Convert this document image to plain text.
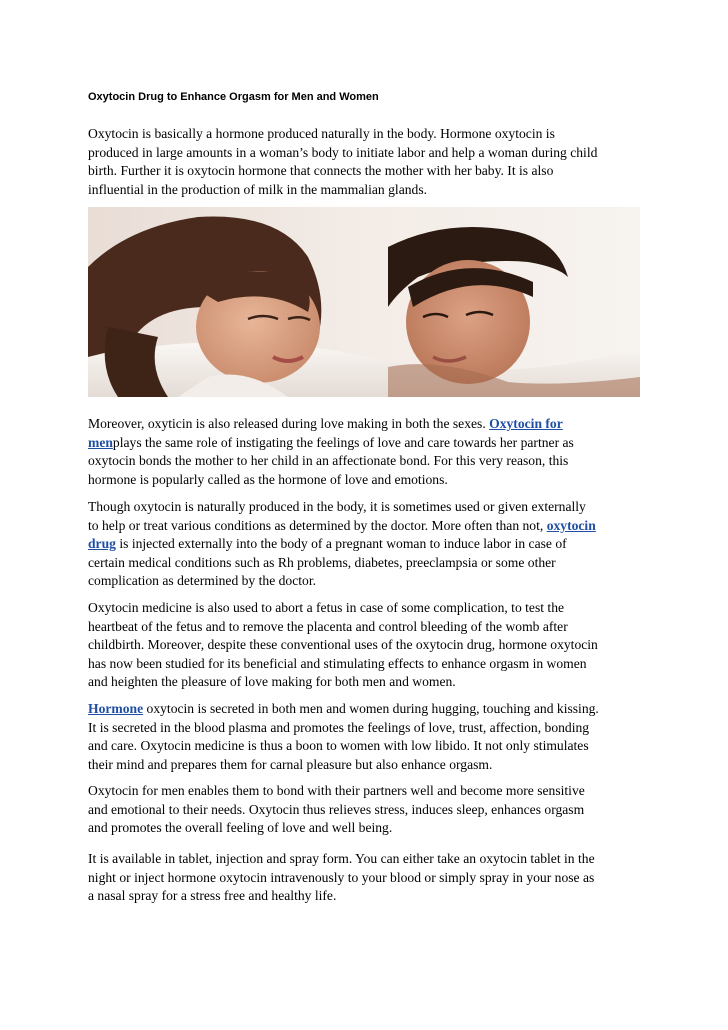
Oxytocin Drug to Enhance Orgasm for Men and Women

Oxytocin is basically a hormone produced naturally in the body. Hormone oxytocin is
produced in large amounts in a woman’s body to initiate labor and help a woman during child
birth. Further it is oxytocin hormone that connects the mother with her baby. It is also
influential in the production of milk in the mammalian glands.

Moreover, oxyticin is also released during love making in both the sexes. Oxytocin for
menplays the same role of instigating the feelings of love and care towards her partner as
oxytocin bonds the mother to her child in an affectionate bond. For this very reason, this
hormone is popularly called as the hormone of love and emotions.

Though oxytocin is naturally produced in the body, it is sometimes used or given externally
to help or treat various conditions as determined by the doctor. More often than not, oxytocin
drug is injected externally into the body of a pregnant woman to induce labor in case of
certain medical conditions such as Rh problems, diabetes, preeclampsia or some other
complication as determined by the doctor.

Oxytocin medicine is also used to abort a fetus in case of some complication, to test the
heartbeat of the fetus and to remove the placenta and control bleeding of the womb after
childbirth. Moreover, despite these conventional uses of the oxytocin drug, hormone oxytocin
has now been studied for its beneficial and stimulating effects to enhance orgasm in women
and heighten the pleasure of love making for both men and women.

Hormone oxytocin is secreted in both men and women during hugging, touching and kissing.
It is secreted in the blood plasma and promotes the feelings of love, trust, affection, bonding
and care. Oxytocin medicine is thus a boon to women with low libido. It not only stimulates
their mind and prepares them for carnal pleasure but also enhance orgasm.

Oxytocin for men enables them to bond with their partners well and become more sensitive
and emotional to their needs. Oxytocin thus relieves stress, induces sleep, enhances orgasm
and promotes the overall feeling of love and well being.

It is available in tablet, injection and spray form. You can either take an oxytocin tablet in the
night or inject hormone oxytocin intravenously to your blood or simply spray in your nose as
a nasal spray for a stress free and healthy life.
